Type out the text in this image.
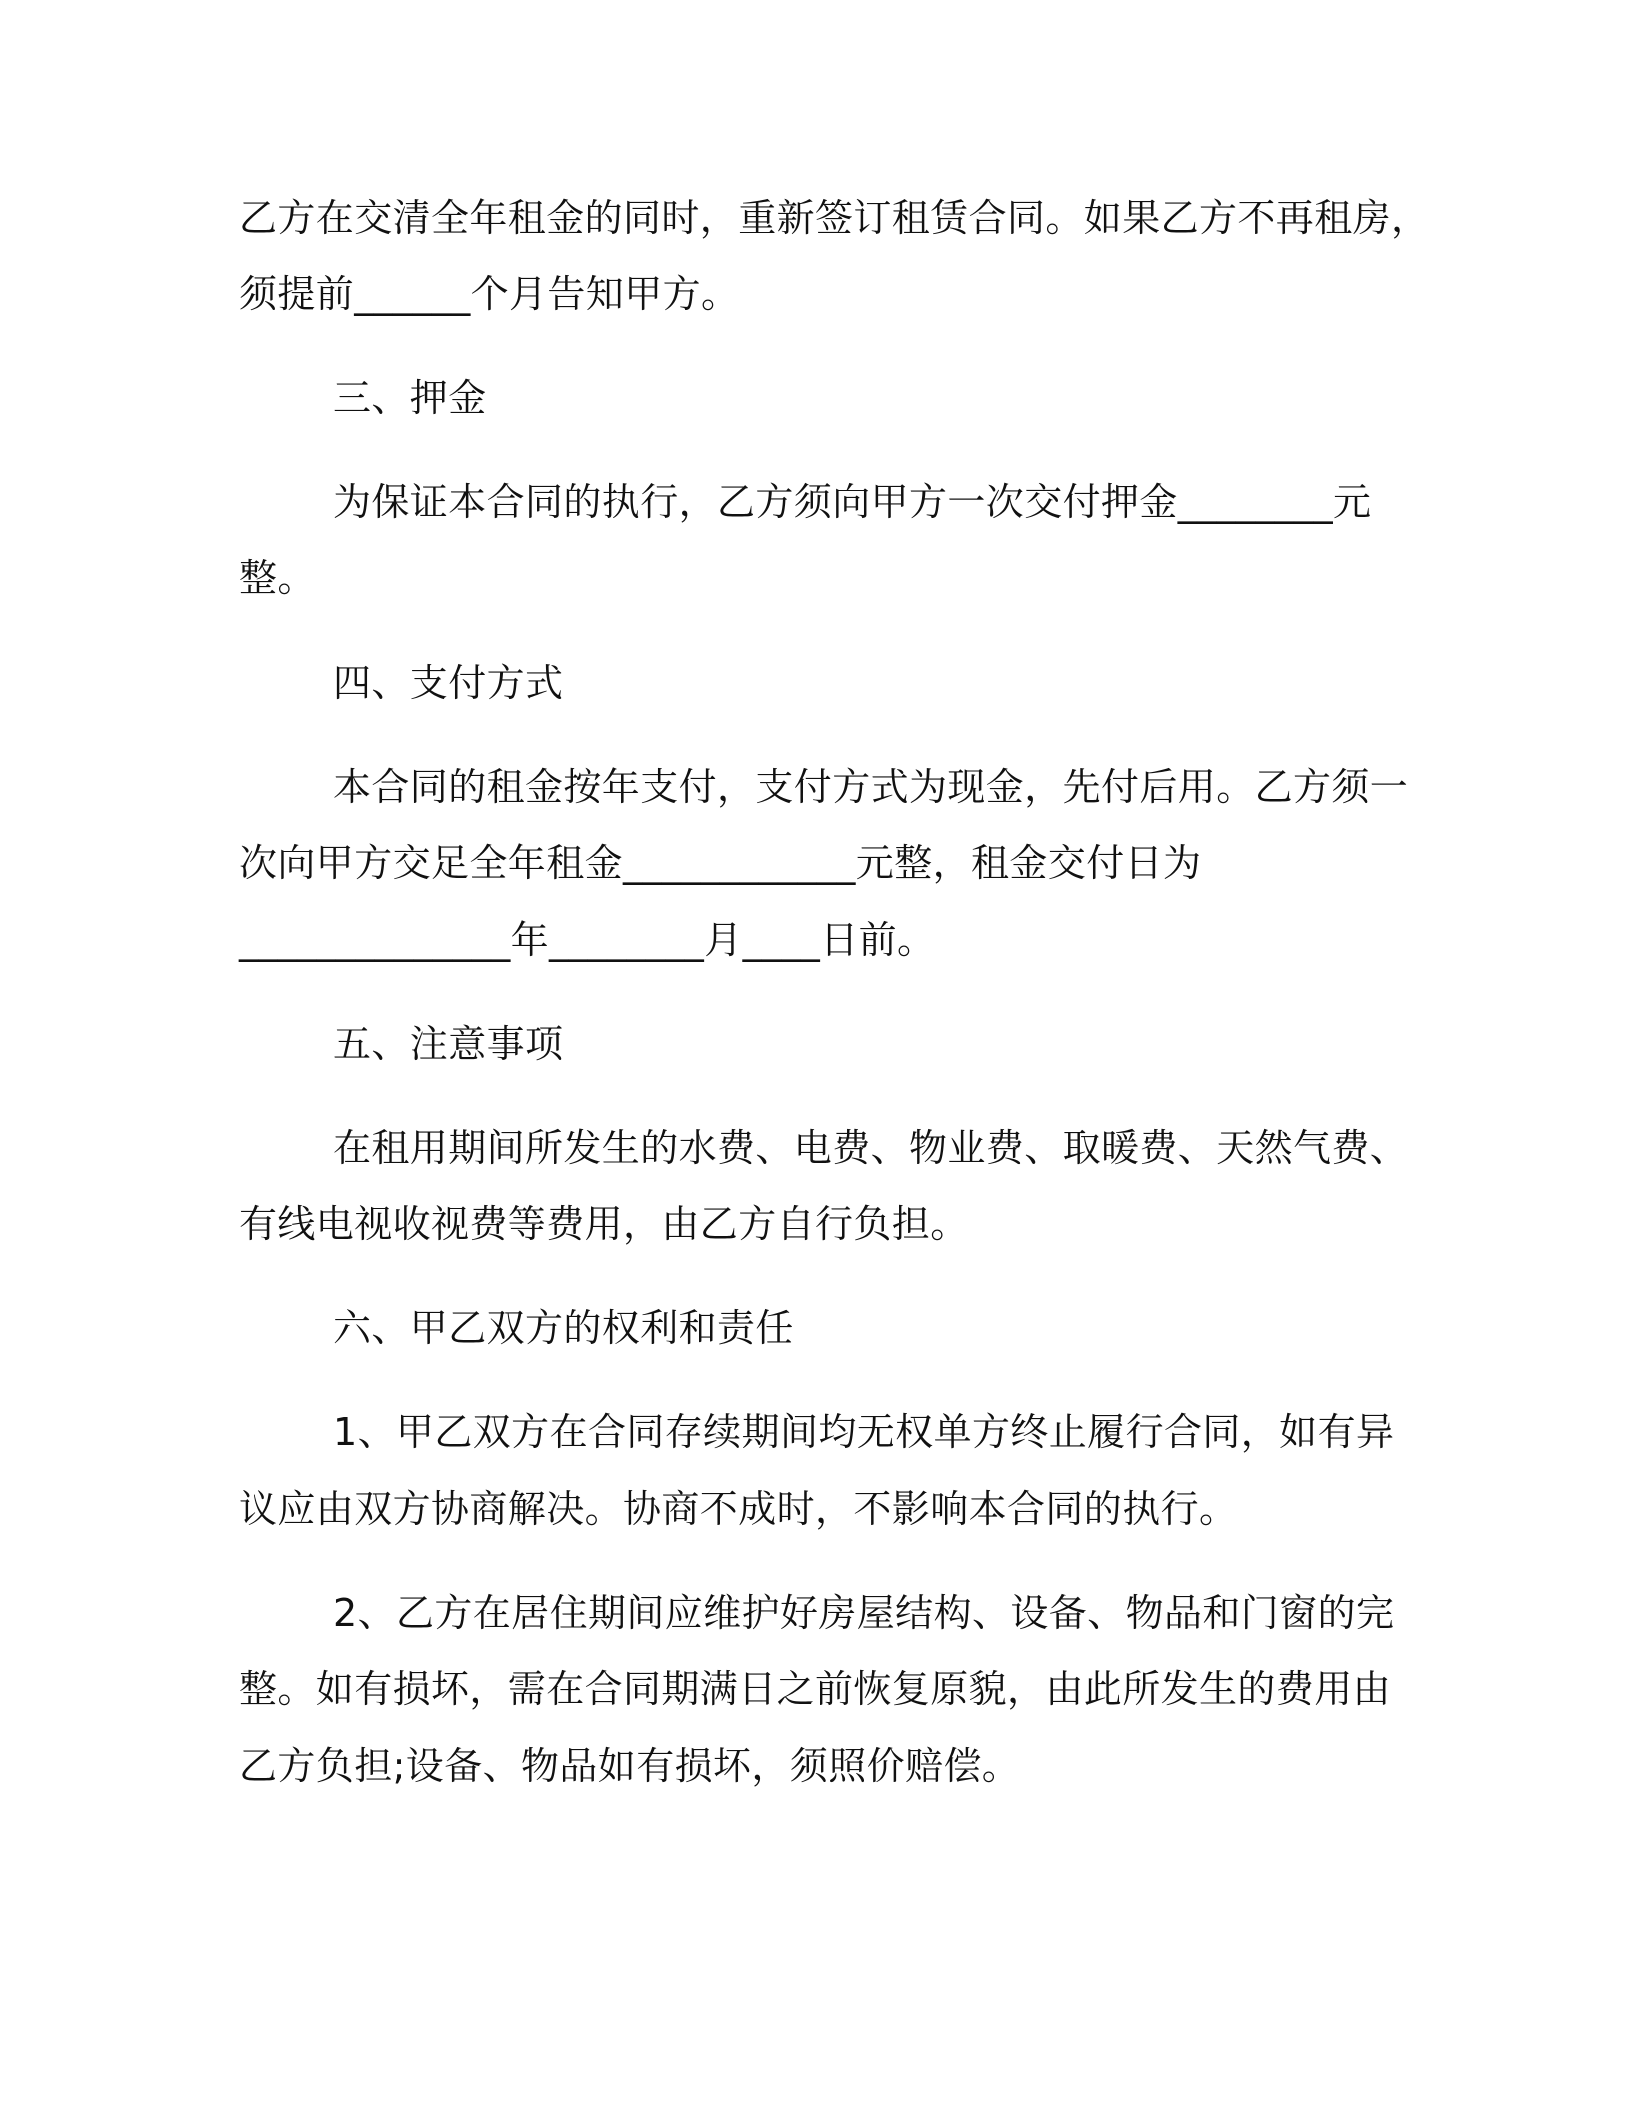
乙方在交清全年租金的同时，重新签订租赁合同。如果乙方不再租房，
须提前______个月告知甲方。
三、押金
为保证本合同的执行，乙方须向甲方一次交付押金________元
整。
四、支付方式
本合同的租金按年支付，支付方式为现金，先付后用。乙方须一
次向甲方交足全年租金____________元整，租金交付日为
______________年________月____日前。
五、注意事项
在租用期间所发生的水费、电费、物业费、取暖费、天然气费、
有线电视收视费等费用，由乙方自行负担。
六、甲乙双方的权利和责任
1、甲乙双方在合同存续期间均无权单方终止履行合同，如有异
议应由双方协商解决。协商不成时，不影响本合同的执行。
2、乙方在居住期间应维护好房屋结构、设备、物品和门窗的完
整。如有损坏，需在合同期满日之前恢复原貌，由此所发生的费用由
乙方负担;设备、物品如有损坏，须照价赔偿。
